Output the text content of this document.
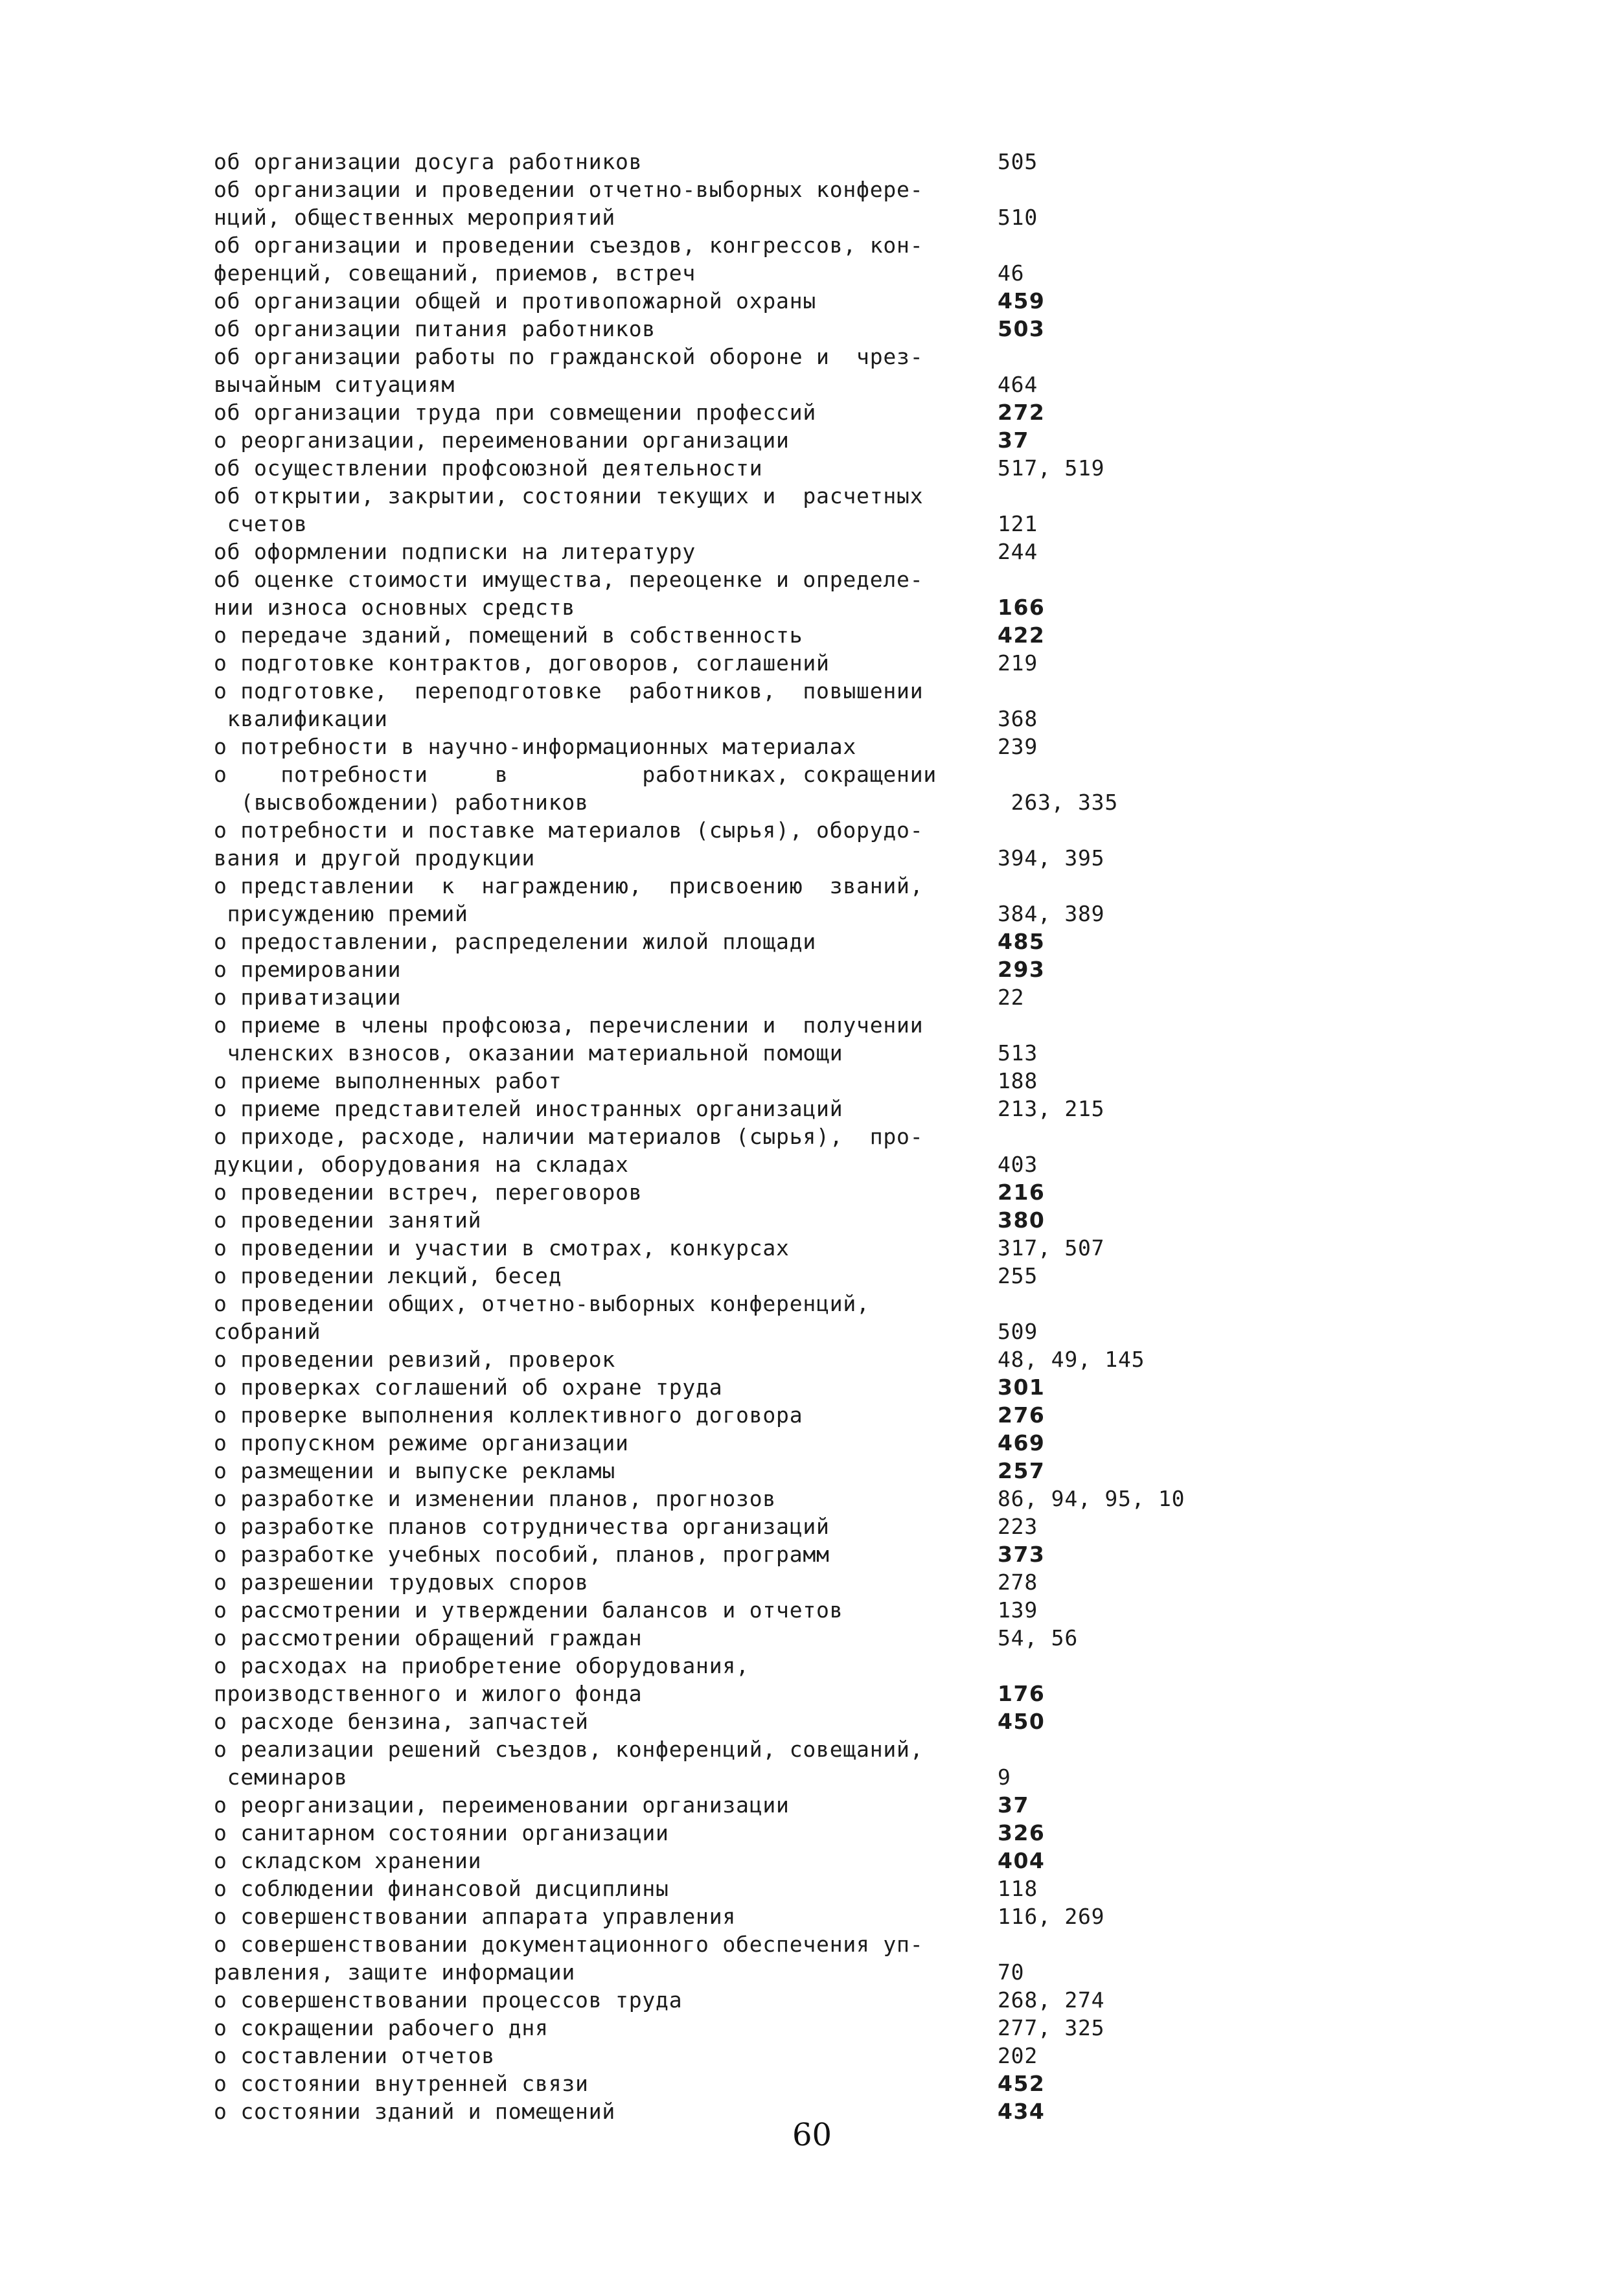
об организации досуга работников	505
об организации и проведении отчетно-выборных конфере-
нций, общественных мероприятий	510
об организации и проведении съездов, конгрессов, кон-
ференций, совещаний, приемов, встреч	46
об организации общей и противопожарной охраны	459
об организации питания работников	503
об организации работы по гражданской обороне и  чрез-
вычайным ситуациям	464
об организации труда при совмещении профессий	272
о реорганизации, переименовании организации	37
об осуществлении профсоюзной деятельности	517, 519
об открытии, закрытии, состоянии текущих и  расчетных
счетов	121
об оформлении подписки на литературу	244
об оценке стоимости имущества, переоценке и определе-
нии износа основных средств	166
о передаче зданий, помещений в собственность	422
о подготовке контрактов, договоров, соглашений	219
о подготовке,  переподготовке  работников,  повышении
квалификации	368
о потребности в научно-информационных материалах	239
о    потребности     в          работниках, сокращении
(высвобождении) работников	263, 335
о потребности и поставке материалов (сырья), оборудо-
вания и другой продукции	394, 395
о представлении  к  награждению,  присвоению  званий,
присуждению премий	384, 389
о предоставлении, распределении жилой площади	485
о премировании	293
о приватизации	22
о приеме в члены профсоюза, перечислении и  получении
членских взносов, оказании материальной помощи	513
о приеме выполненных работ	188
о приеме представителей иностранных организаций	213, 215
о приходе, расходе, наличии материалов (сырья),  про-
дукции, оборудования на складах	403
о проведении встреч, переговоров	216
о проведении занятий	380
о проведении и участии в смотрах, конкурсах	317, 507
о проведении лекций, бесед	255
о проведении общих, отчетно-выборных конференций,
собраний	509
о проведении ревизий, проверок	48, 49, 145
о проверках соглашений об охране труда	301
о проверке выполнения коллективного договора	276
о пропускном режиме организации	469
о размещении и выпуске рекламы	257
о разработке и изменении планов, прогнозов	86, 94, 95, 10
о разработке планов сотрудничества организаций	223
о разработке учебных пособий, планов, программ	373
о разрешении трудовых споров	278
о рассмотрении и утверждении балансов и отчетов	139
о рассмотрении обращений граждан	54, 56
о расходах на приобретение оборудования,
производственного и жилого фонда	176
о расходе бензина, запчастей	450
о реализации решений съездов, конференций, совещаний,
семинаров	9
о реорганизации, переименовании организации	37
о санитарном состоянии организации	326
о складском хранении	404
о соблюдении финансовой дисциплины	118
о совершенствовании аппарата управления	116, 269
о совершенствовании документационного обеспечения уп-
равления, защите информации	70
о совершенствовании процессов труда	268, 274
о сокращении рабочего дня	277, 325
о составлении отчетов	202
о состоянии внутренней связи	452
о состоянии зданий и помещений	434
60
